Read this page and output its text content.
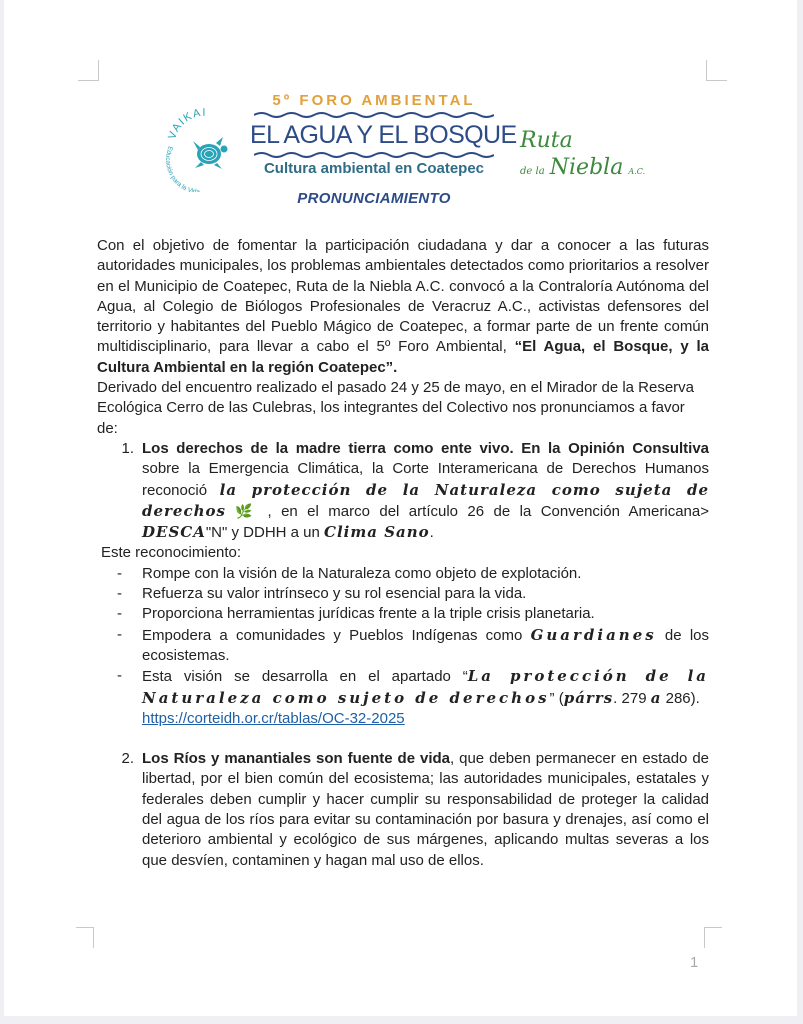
VAIKAI
Educación para la Vid
5º FORO AMBIENTAL
EL AGUA Y EL BOSQUE
Cultura ambiental en Coatepec
Ruta
de la Niebla A.C.
PRONUNCIAMIENTO

Con el objetivo de fomentar la participación ciudadana y dar a conocer a las futuras autoridades municipales, los problemas ambientales detectados como prioritarios a resolver en el Municipio de Coatepec, Ruta de la Niebla A.C. convocó a la Contraloría Autónoma del Agua, al Colegio de Biólogos Profesionales de Veracruz A.C., activistas defensores del territorio y habitantes del Pueblo Mágico de Coatepec, a formar parte de un frente común multidisciplinario, para llevar a cabo el 5º Foro Ambiental, “El Agua, el Bosque, y la Cultura Ambiental en la región Coatepec”.

Derivado del encuentro realizado el pasado 24 y 25 de mayo, en el Mirador de la Reserva Ecológica Cerro de las Culebras, los integrantes del Colectivo nos pronunciamos a favor de:

1. Los derechos de la madre tierra como ente vivo. En la Opinión Consultiva sobre la Emergencia Climática, la Corte Interamericana de Derechos Humanos reconoció la protección de la Naturaleza como sujeta de derechos 🌿 , en el marco del artículo 26 de la Convención Americana> DESCA"N" y DDHH a un Clima Sano.

Este reconocimiento:

-	Rompe con la visión de la Naturaleza como objeto de explotación.
-	Refuerza su valor intrínseco y su rol esencial para la vida.
-	Proporciona herramientas jurídicas frente a la triple crisis planetaria.
-	Empodera a comunidades y Pueblos Indígenas como Guardianes de los ecosistemas.
-	Esta visión se desarrolla en el apartado “La protección de la Naturaleza como sujeto de derechos” (párrs. 279 a 286).
https://corteidh.or.cr/tablas/OC-32-2025
2. Los Ríos y manantiales son fuente de vida, que deben permanecer en estado de libertad, por el bien común del ecosistema; las autoridades municipales, estatales y federales deben cumplir y hacer cumplir su responsabilidad de proteger la calidad del agua de los ríos para evitar su contaminación por basura y drenajes, así como el deterioro ambiental y ecológico de sus márgenes, aplicando multas severas a los que desvíen, contaminen y hagan mal uso de ellos.
1
